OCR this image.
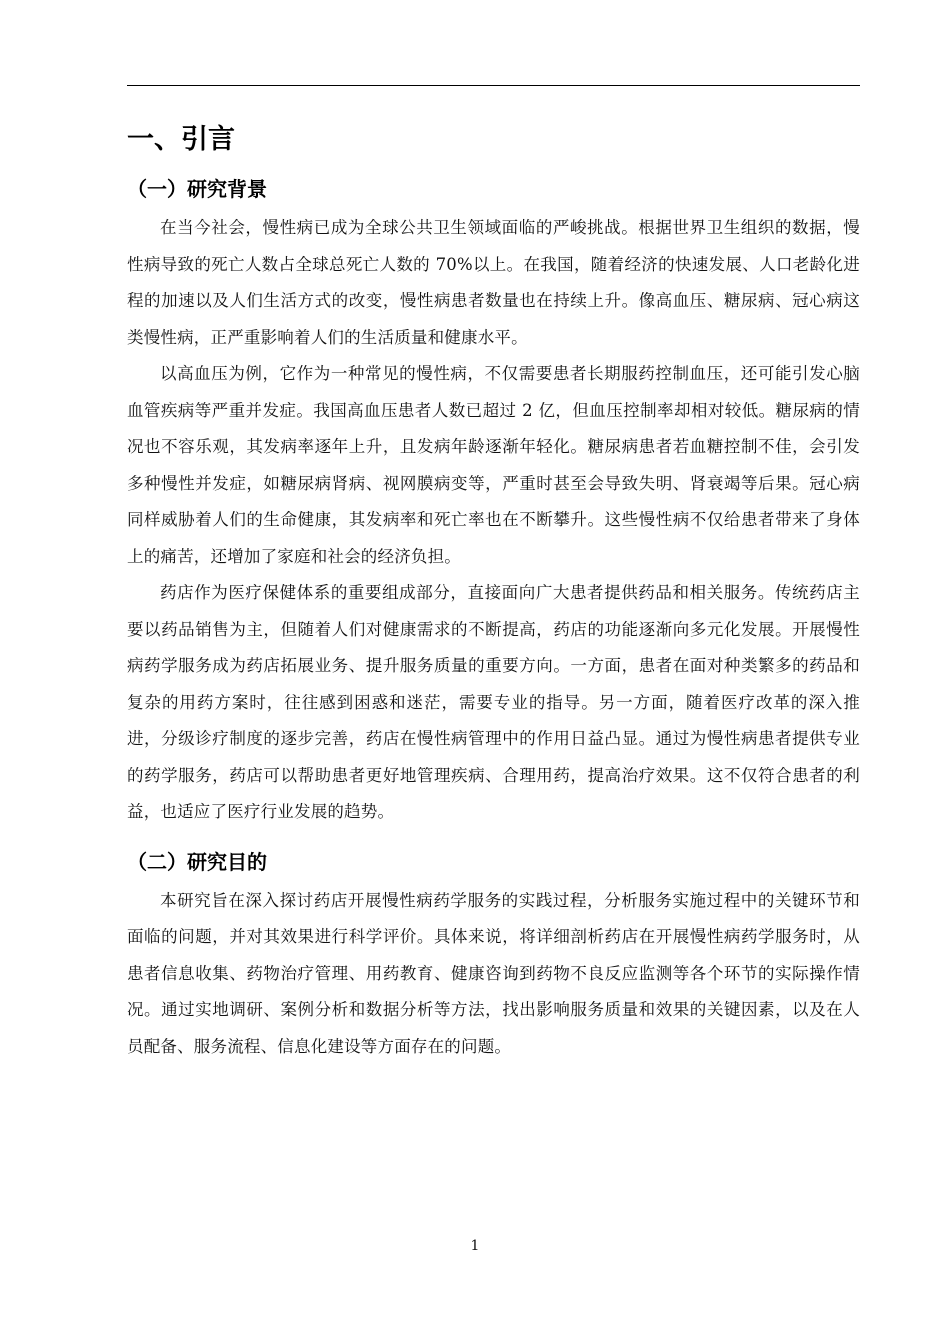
一、引言
（一）研究背景

在当今社会，慢性病已成为全球公共卫生领域面临的严峻挑战。根据世界卫生组织的数据，慢性病导致的死亡人数占全球总死亡人数的 70%以上。在我国，随着经济的快速发展、人口老龄化进程的加速以及人们生活方式的改变，慢性病患者数量也在持续上升。像高血压、糖尿病、冠心病这类慢性病，正严重影响着人们的生活质量和健康水平。

以高血压为例，它作为一种常见的慢性病，不仅需要患者长期服药控制血压，还可能引发心脑血管疾病等严重并发症。我国高血压患者人数已超过 2 亿，但血压控制率却相对较低。糖尿病的情况也不容乐观，其发病率逐年上升，且发病年龄逐渐年轻化。糖尿病患者若血糖控制不佳，会引发多种慢性并发症，如糖尿病肾病、视网膜病变等，严重时甚至会导致失明、肾衰竭等后果。冠心病同样威胁着人们的生命健康，其发病率和死亡率也在不断攀升。这些慢性病不仅给患者带来了身体上的痛苦，还增加了家庭和社会的经济负担。

药店作为医疗保健体系的重要组成部分，直接面向广大患者提供药品和相关服务。传统药店主要以药品销售为主，但随着人们对健康需求的不断提高，药店的功能逐渐向多元化发展。开展慢性病药学服务成为药店拓展业务、提升服务质量的重要方向。一方面，患者在面对种类繁多的药品和复杂的用药方案时，往往感到困惑和迷茫，需要专业的指导。另一方面，随着医疗改革的深入推进，分级诊疗制度的逐步完善，药店在慢性病管理中的作用日益凸显。通过为慢性病患者提供专业的药学服务，药店可以帮助患者更好地管理疾病、合理用药，提高治疗效果。这不仅符合患者的利益，也适应了医疗行业发展的趋势。

（二）研究目的

本研究旨在深入探讨药店开展慢性病药学服务的实践过程，分析服务实施过程中的关键环节和面临的问题，并对其效果进行科学评价。具体来说，将详细剖析药店在开展慢性病药学服务时，从患者信息收集、药物治疗管理、用药教育、健康咨询到药物不良反应监测等各个环节的实际操作情况。通过实地调研、案例分析和数据分析等方法，找出影响服务质量和效果的关键因素，以及在人员配备、服务流程、信息化建设等方面存在的问题。

1
